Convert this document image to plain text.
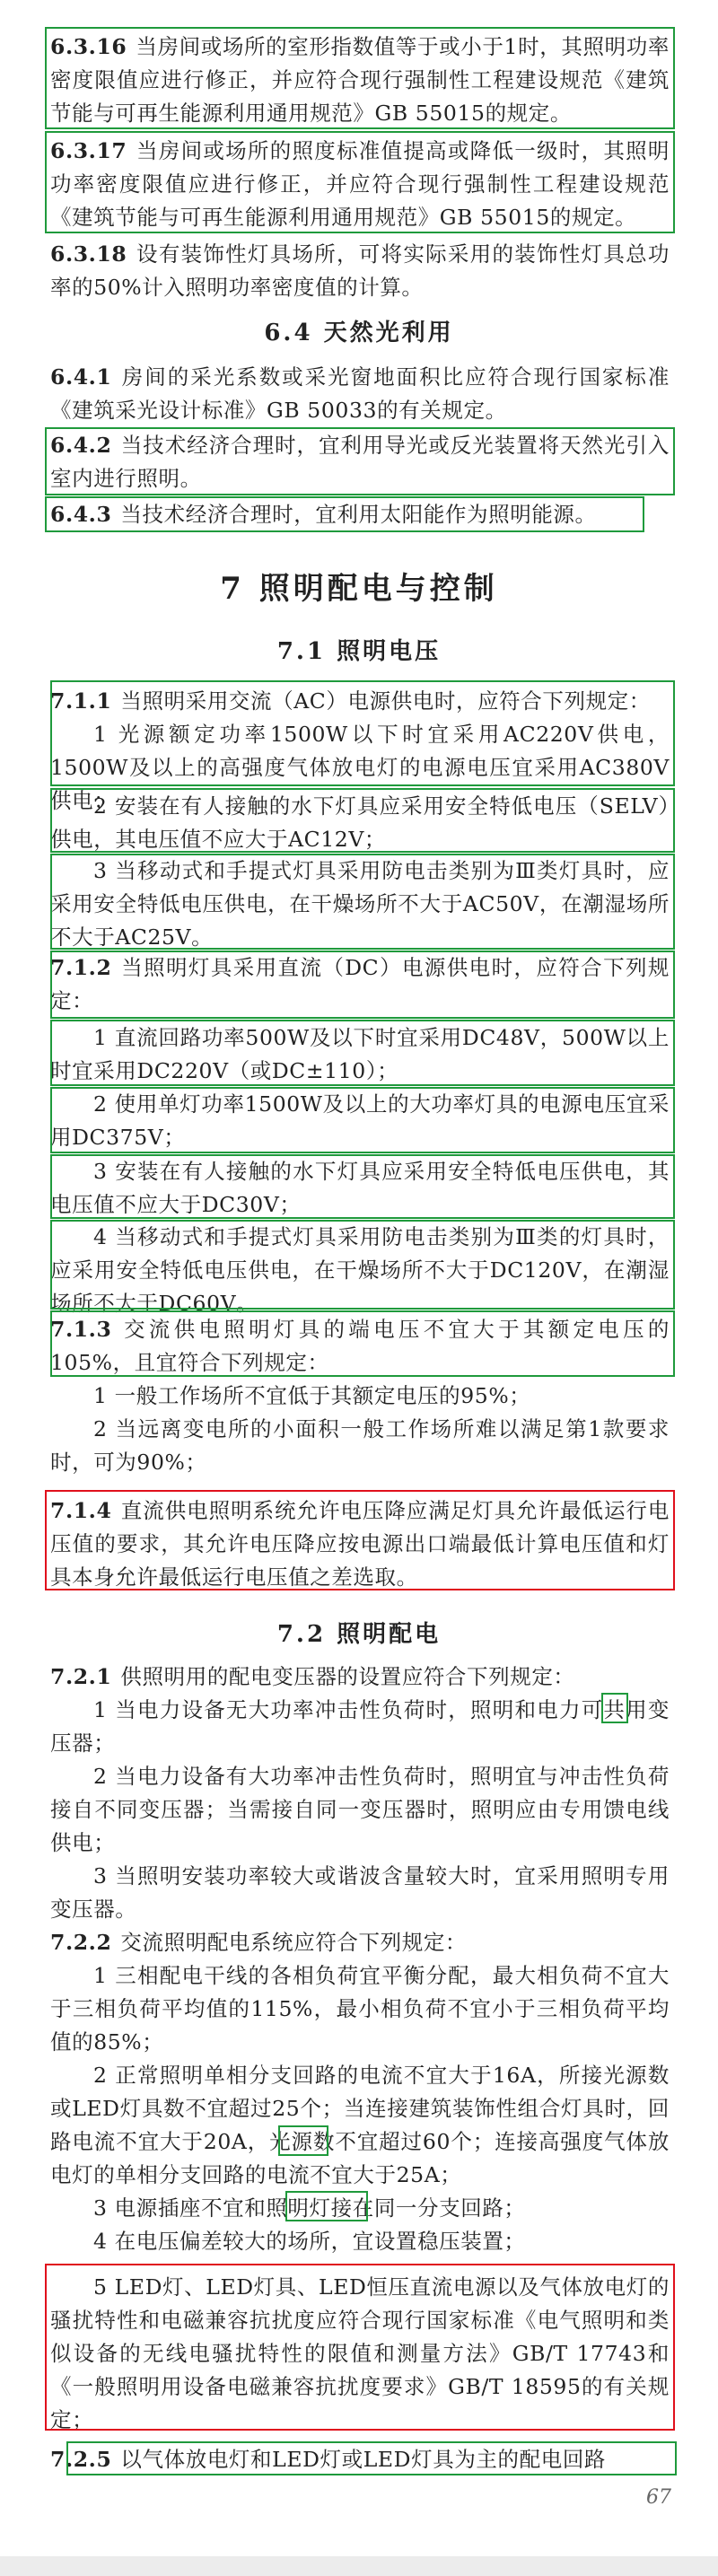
6.3.16 当房间或场所的室形指数值等于或小于1时，其照明功率密度限值应进行修正，并应符合现行强制性工程建设规范《建筑节能与可再生能源利用通用规范》GB 55015的规定。
6.3.17 当房间或场所的照度标准值提高或降低一级时，其照明功率密度限值应进行修正，并应符合现行强制性工程建设规范《建筑节能与可再生能源利用通用规范》GB 55015的规定。
6.3.18 设有装饰性灯具场所，可将实际采用的装饰性灯具总功率的50%计入照明功率密度值的计算。
6.4 天然光利用
6.4.1 房间的采光系数或采光窗地面积比应符合现行国家标准《建筑采光设计标准》GB 50033的有关规定。
6.4.2 当技术经济合理时，宜利用导光或反光装置将天然光引入室内进行照明。
6.4.3 当技术经济合理时，宜利用太阳能作为照明能源。
7 照明配电与控制
7.1 照明电压
7.1.1 当照明采用交流（AC）电源供电时，应符合下列规定：
1 光源额定功率1500W以下时宜采用AC220V供电，1500W及以上的高强度气体放电灯的电源电压宜采用AC380V供电；
2 安装在有人接触的水下灯具应采用安全特低电压（SELV）供电，其电压值不应大于AC12V；
3 当移动式和手提式灯具采用防电击类别为Ⅲ类灯具时，应采用安全特低电压供电，在干燥场所不大于AC50V，在潮湿场所不大于AC25V。
7.1.2 当照明灯具采用直流（DC）电源供电时，应符合下列规定：
1 直流回路功率500W及以下时宜采用DC48V，500W以上时宜采用DC220V（或DC±110）；
2 使用单灯功率1500W及以上的大功率灯具的电源电压宜采用DC375V；
3 安装在有人接触的水下灯具应采用安全特低电压供电，其电压值不应大于DC30V；
4 当移动式和手提式灯具采用防电击类别为Ⅲ类的灯具时，应采用安全特低电压供电，在干燥场所不大于DC120V，在潮湿场所不大于DC60V。
7.1.3 交流供电照明灯具的端电压不宜大于其额定电压的105%，且宜符合下列规定：
1 一般工作场所不宜低于其额定电压的95%；
2 当远离变电所的小面积一般工作场所难以满足第1款要求时，可为90%；
7.1.4 直流供电照明系统允许电压降应满足灯具允许最低运行电压值的要求，其允许电压降应按电源出口端最低计算电压值和灯具本身允许最低运行电压值之差选取。
7.2 照明配电
7.2.1 供照明用的配电变压器的设置应符合下列规定：
1 当电力设备无大功率冲击性负荷时，照明和电力可共用变压器；
2 当电力设备有大功率冲击性负荷时，照明宜与冲击性负荷接自不同变压器；当需接自同一变压器时，照明应由专用馈电线供电；
3 当照明安装功率较大或谐波含量较大时，宜采用照明专用变压器。
7.2.2 交流照明配电系统应符合下列规定：
1 三相配电干线的各相负荷宜平衡分配，最大相负荷不宜大于三相负荷平均值的115%，最小相负荷不宜小于三相负荷平均值的85%；
2 正常照明单相分支回路的电流不宜大于16A，所接光源数或LED灯具数不宜超过25个；当连接建筑装饰性组合灯具时，回路电流不宜大于20A，光源数不宜超过60个；连接高强度气体放电灯的单相分支回路的电流不宜大于25A；
3 电源插座不宜和照明灯接在同一分支回路；
4 在电压偏差较大的场所，宜设置稳压装置；
5 LED灯、LED灯具、LED恒压直流电源以及气体放电灯的骚扰特性和电磁兼容抗扰度应符合现行国家标准《电气照明和类似设备的无线电骚扰特性的限值和测量方法》GB/T 17743和《一般照明用设备电磁兼容抗扰度要求》GB/T 18595的有关规定；
7.2.5 以气体放电灯和LED灯或LED灯具为主的配电回路
67
